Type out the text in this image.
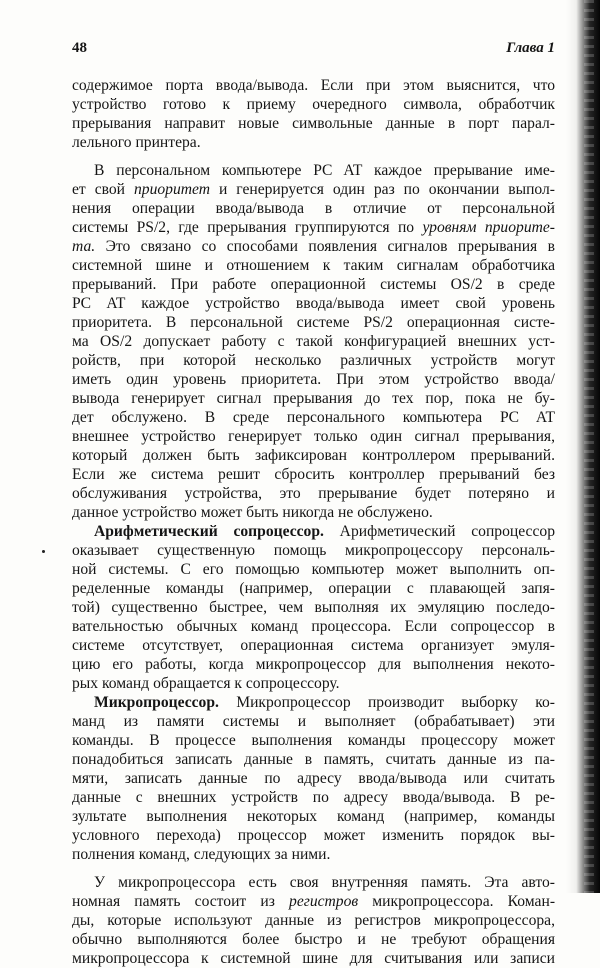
48	Глава 1
содержимое порта ввода/вывода. Если при этом выяснится, что
устройство готово к приему очередного символа, обработчик
прерывания направит новые символьные данные в порт парал-
лельного принтера.
В персональном компьютере PC AT каждое прерывание име-
ет свой приоритет и генерируется один раз по окончании выпол-
нения операции ввода/вывода в отличие от персональной
системы PS/2, где прерывания группируются по уровням приорите-
та. Это связано со способами появления сигналов прерывания в
системной шине и отношением к таким сигналам обработчика
прерываний. При работе операционной системы OS/2 в среде
PC AT каждое устройство ввода/вывода имеет свой уровень
приоритета. В персональной системе PS/2 операционная систе-
ма OS/2 допускает работу с такой конфигурацией внешних уст-
ройств, при которой несколько различных устройств могут
иметь один уровень приоритета. При этом устройство ввода/
вывода генерирует сигнал прерывания до тех пор, пока не бу-
дет обслужено. В среде персонального компьютера PC AT
внешнее устройство генерирует только один сигнал прерывания,
который должен быть зафиксирован контроллером прерываний.
Если же система решит сбросить контроллер прерываний без
обслуживания устройства, это прерывание будет потеряно и
данное устройство может быть никогда не обслужено.
Арифметический сопроцессор. Арифметический сопроцессор
оказывает существенную помощь микропроцессору персональ-
ной системы. С его помощью компьютер может выполнить оп-
ределенные команды (например, операции с плавающей запя-
той) существенно быстрее, чем выполняя их эмуляцию последо-
вательностью обычных команд процессора. Если сопроцессор в
системе отсутствует, операционная система организует эмуля-
цию его работы, когда микропроцессор для выполнения некото-
рых команд обращается к сопроцессору.
Микропроцессор. Микропроцессор производит выборку ко-
манд из памяти системы и выполняет (обрабатывает) эти
команды. В процессе выполнения команды процессору может
понадобиться записать данные в память, считать данные из па-
мяти, записать данные по адресу ввода/вывода или считать
данные с внешних устройств по адресу ввода/вывода. В ре-
зультате выполнения некоторых команд (например, команды
условного перехода) процессор может изменить порядок вы-
полнения команд, следующих за ними.
У микропроцессора есть своя внутренняя память. Эта авто-
номная память состоит из регистров микропроцессора. Коман-
ды, которые используют данные из регистров микропроцессора,
обычно выполняются более быстро и не требуют обращения
микропроцессора к системной шине для считывания или записи
